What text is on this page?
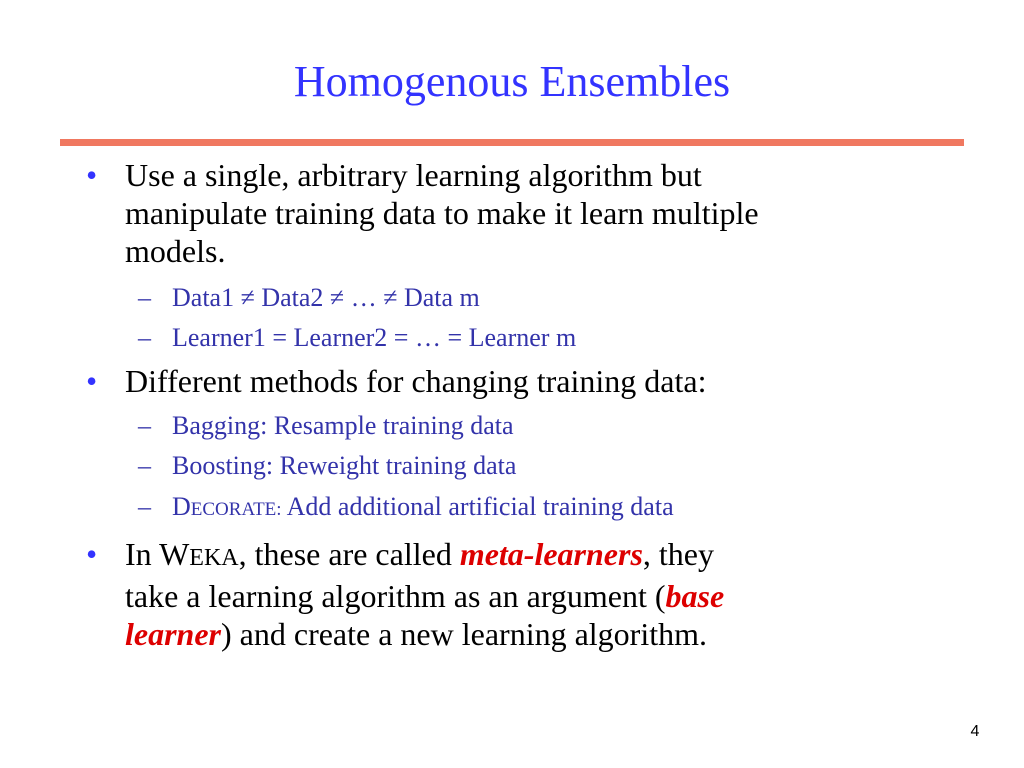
Homogenous Ensembles
• Use a single, arbitrary learning algorithm but
manipulate training data to make it learn multiple
models.
– Data1 ≠ Data2 ≠ … ≠ Data m
– Learner1 = Learner2 = … = Learner m
• Different methods for changing training data:
– Bagging: Resample training data
– Boosting: Reweight training data
– DECORATE: Add additional artificial training data
• In WEKA, these are called meta-learners, they
take a learning algorithm as an argument (base
learner) and create a new learning algorithm.
4
